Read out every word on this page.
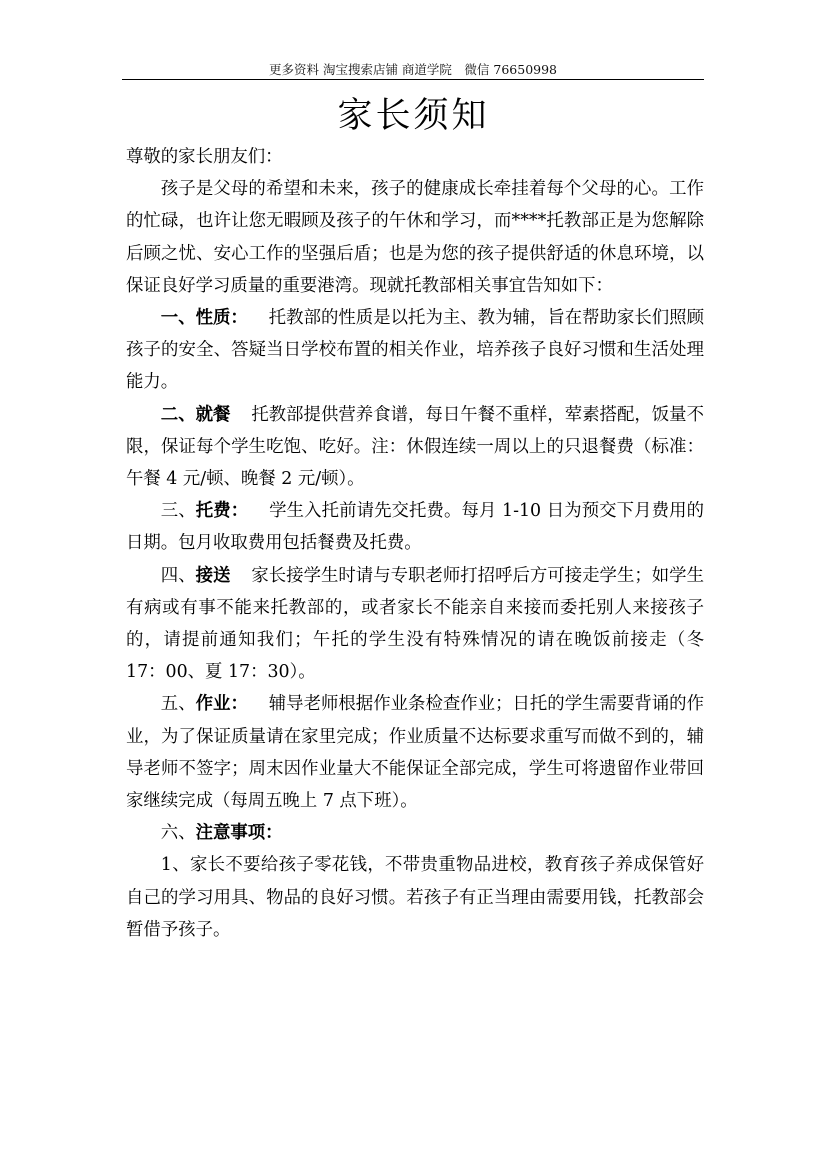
更多资料 淘宝搜索店铺 商道学院　微信 76650998
家长须知

尊敬的家长朋友们：

孩子是父母的希望和未来，孩子的健康成长牵挂着每个父母的心。工作的忙碌，也许让您无暇顾及孩子的午休和学习，而****托教部正是为您解除后顾之忧、安心工作的坚强后盾；也是为您的孩子提供舒适的休息环境，以保证良好学习质量的重要港湾。现就托教部相关事宜告知如下：

一、性质： 托教部的性质是以托为主、教为辅，旨在帮助家长们照顾孩子的安全、答疑当日学校布置的相关作业，培养孩子良好习惯和生活处理能力。

二、就餐 托教部提供营养食谱，每日午餐不重样，荤素搭配，饭量不限，保证每个学生吃饱、吃好。注：休假连续一周以上的只退餐费（标准：午餐 4 元/顿、晚餐 2 元/顿）。

三、托费： 学生入托前请先交托费。每月 1-10 日为预交下月费用的日期。包月收取费用包括餐费及托费。

四、接送 家长接学生时请与专职老师打招呼后方可接走学生；如学生有病或有事不能来托教部的，或者家长不能亲自来接而委托别人来接孩子的，请提前通知我们；午托的学生没有特殊情况的请在晚饭前接走（冬 17：00、夏 17：30）。

五、作业： 辅导老师根据作业条检查作业；日托的学生需要背诵的作业，为了保证质量请在家里完成；作业质量不达标要求重写而做不到的，辅导老师不签字；周末因作业量大不能保证全部完成，学生可将遗留作业带回家继续完成（每周五晚上 7 点下班）。

六、注意事项：

1、家长不要给孩子零花钱，不带贵重物品进校，教育孩子养成保管好自己的学习用具、物品的良好习惯。若孩子有正当理由需要用钱，托教部会暂借予孩子。
